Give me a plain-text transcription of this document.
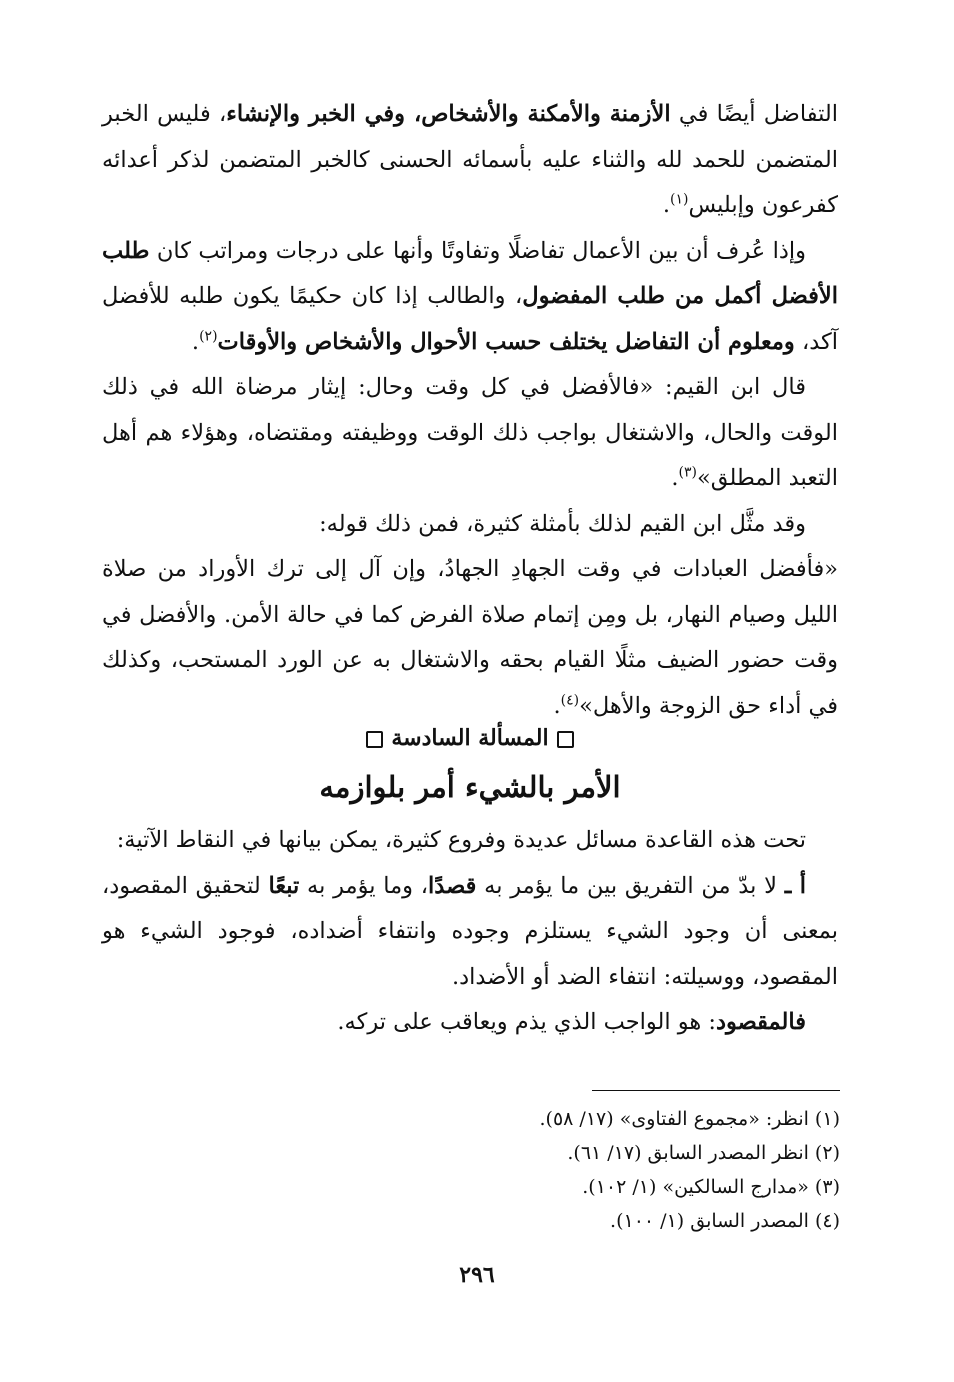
التفاضل أيضًا في الأزمنة والأمكنة والأشخاص، وفي الخبر والإنشاء، فليس الخبر المتضمن للحمد لله والثناء عليه بأسمائه الحسنى كالخبر المتضمن لذكر أعدائه كفرعون وإبليس$^{(١)}$.

وإذا عُرف أن بين الأعمال تفاضلًا وتفاوتًا وأنها على درجات ومراتب كان طلب الأفضل أكمل من طلب المفضول، والطالب إذا كان حكيمًا يكون طلبه للأفضل آكد، ومعلوم أن التفاضل يختلف حسب الأحوال والأشخاص والأوقات$^{(٢)}$.

قال ابن القيم: «فالأفضل في كل وقت وحال: إيثار مرضاة الله في ذلك الوقت والحال، والاشتغال بواجب ذلك الوقت ووظيفته ومقتضاه، وهؤلاء هم أهل التعبد المطلق»$^{(٣)}$.

وقد مثَّل ابن القيم لذلك بأمثلة كثيرة، فمن ذلك قوله:

«فأفضل العبادات في وقت الجهادِ الجهادُ، وإن آل إلى ترك الأوراد من صلاة الليل وصيام النهار، بل ومِن إتمام صلاة الفرض كما في حالة الأمن. والأفضل في وقت حضور الضيف مثلًا القيام بحقه والاشتغال به عن الورد المستحب، وكذلك في أداء حق الزوجة والأهل»$^{(٤)}$.

المسألة السادسة
الأمر بالشيء أمر بلوازمه

تحت هذه القاعدة مسائل عديدة وفروع كثيرة، يمكن بيانها في النقاط الآتية:

أ ـ لا بدّ من التفريق بين ما يؤمر به قصدًا، وما يؤمر به تبعًا لتحقيق المقصود، بمعنى أن وجود الشيء يستلزم وجوده وانتفاء أضداده، فوجود الشيء هو المقصود، ووسيلته: انتفاء الضد أو الأضداد.

فالمقصود: هو الواجب الذي يذم ويعاقب على تركه.

(١) انظر: «مجموع الفتاوى» (١٧/ ٥٨).
(٢) انظر المصدر السابق (١٧/ ٦١).
(٣) «مدارج السالكين» (١/ ١٠٢).
(٤) المصدر السابق (١/ ١٠٠).
٢٩٦
